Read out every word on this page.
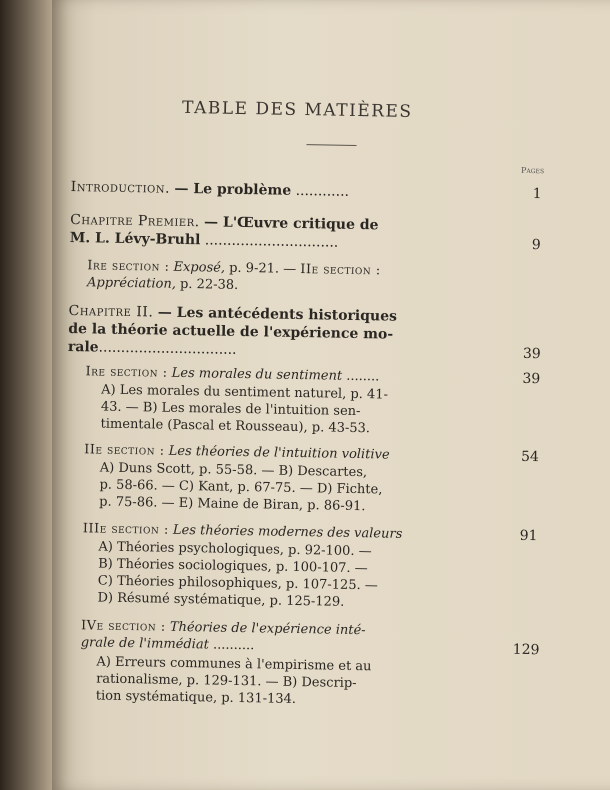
TABLE DES MATIÈRES
Pages
Introduction. — Le problème ............	1
Chapitre Premier. — L'Œuvre critique de
M. L. Lévy-Bruhl ..............................	9
Ire section : Exposé, p. 9-21. — IIe section :
Appréciation, p. 22-38.
Chapitre II. — Les antécédents historiques
de la théorie actuelle de l'expérience mo-
rale...............................	39
Ire section : Les morales du sentiment ........	39
A) Les morales du sentiment naturel, p. 41-
43. — B) Les morales de l'intuition sen-
timentale (Pascal et Rousseau), p. 43-53.
IIe section : Les théories de l'intuition volitive	54
A) Duns Scott, p. 55-58. — B) Descartes,
p. 58-66. — C) Kant, p. 67-75. — D) Fichte,
p. 75-86. — E) Maine de Biran, p. 86-91.
IIIe section : Les théories modernes des valeurs	91
A) Théories psychologiques, p. 92-100. —
B) Théories sociologiques, p. 100-107. —
C) Théories philosophiques, p. 107-125. —
D) Résumé systématique, p. 125-129.
IVe section : Théories de l'expérience inté-
grale de l'immédiat ..........	129
A) Erreurs communes à l'empirisme et au
rationalisme, p. 129-131. — B) Descrip-
tion systématique, p. 131-134.
